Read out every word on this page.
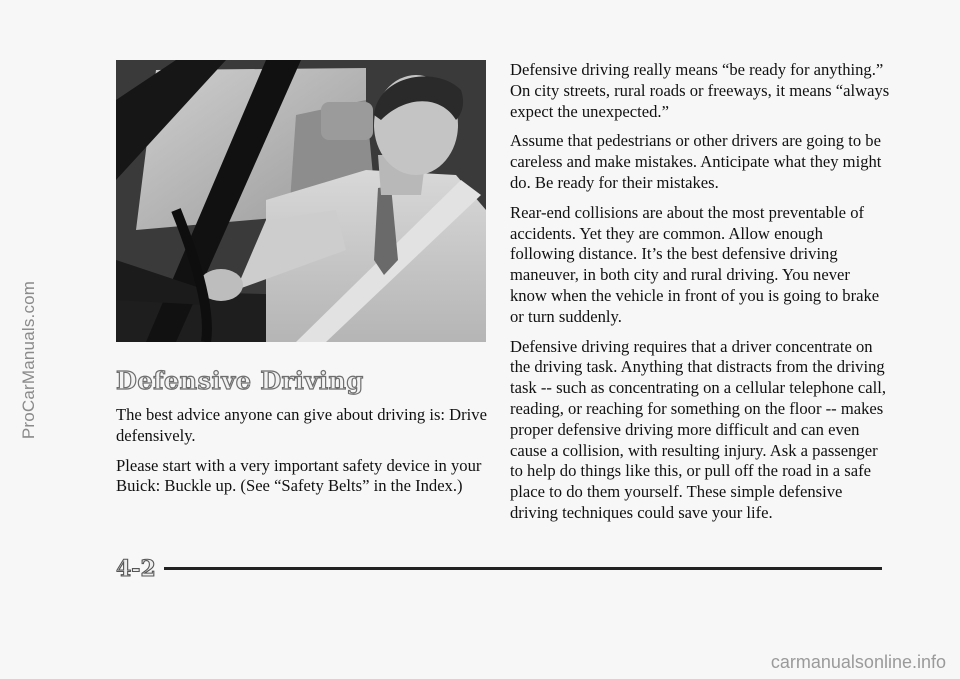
ProCarManuals.com	Defensive Driving

The best advice anyone can give about driving is: Drive defensively.

Please start with a very important safety device in your Buick: Buckle up. (See “Safety Belts” in the Index.)

Defensive driving really means “be ready for anything.” On city streets, rural roads or freeways, it means “always expect the unexpected.”

Assume that pedestrians or other drivers are going to be careless and make mistakes. Anticipate what they might do. Be ready for their mistakes.

Rear-end collisions are about the most preventable of accidents. Yet they are common. Allow enough following distance. It’s the best defensive driving maneuver, in both city and rural driving. You never know when the vehicle in front of you is going to brake or turn suddenly.

Defensive driving requires that a driver concentrate on the driving task. Anything that distracts from the driving task -- such as concentrating on a cellular telephone call, reading, or reaching for something on the floor -- makes proper defensive driving more difficult and can even cause a collision, with resulting injury. Ask a passenger to help do things like this, or pull off the road in a safe place to do them yourself. These simple defensive driving techniques could save your life.

4-2
carmanualsonline.info
